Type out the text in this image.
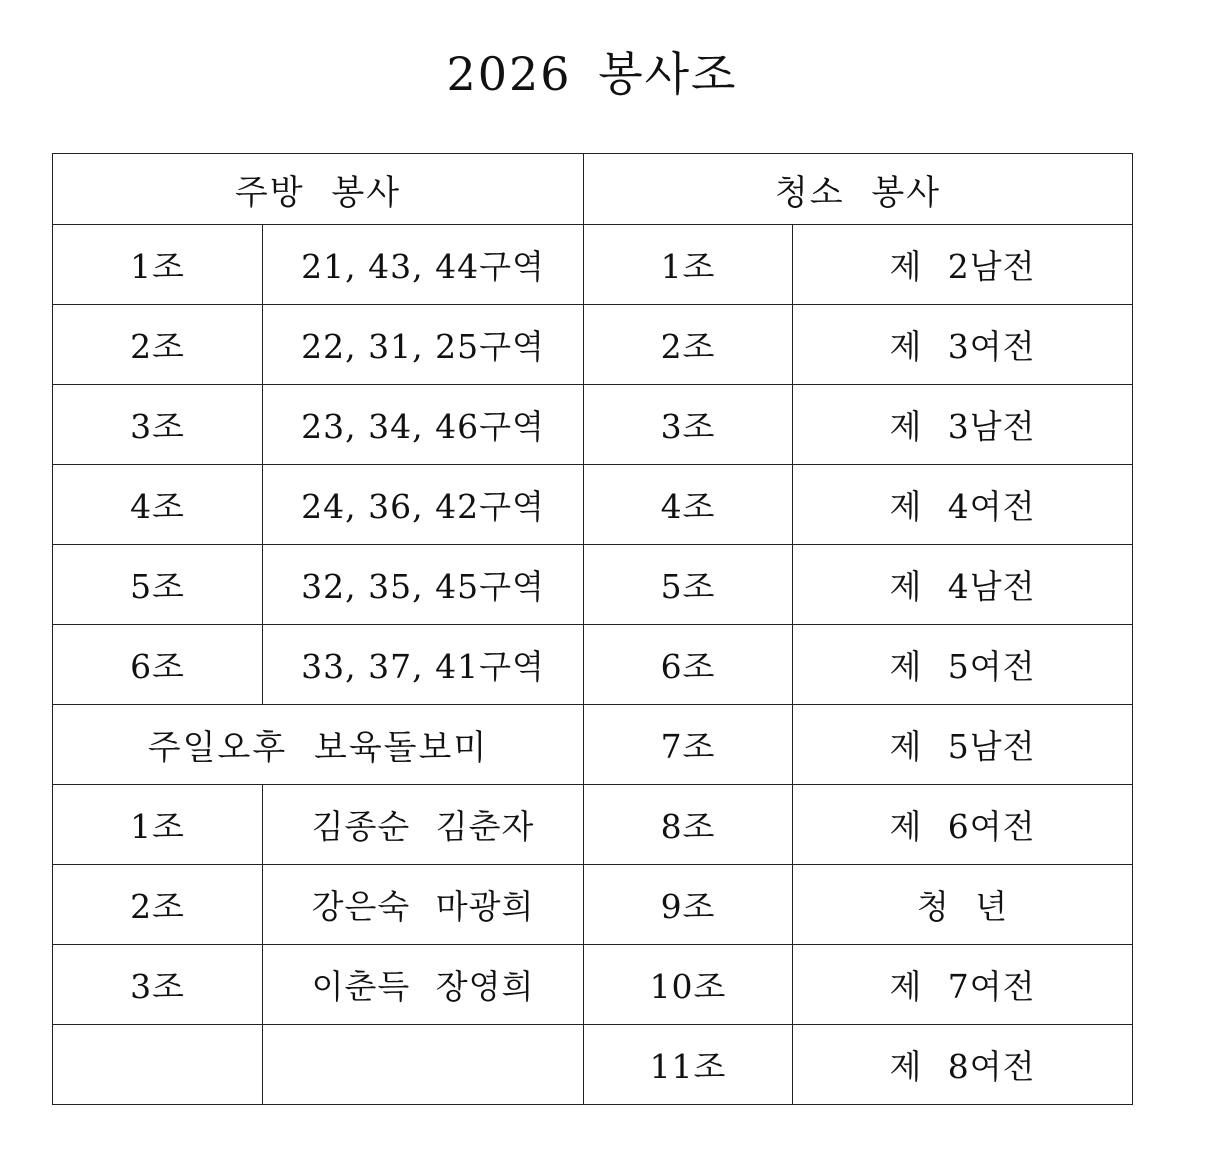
2026 봉사조
주방 봉사		청소 봉사	
1조	21, 43, 44구역	1조	제 2남전
2조	22, 31, 25구역	2조	제 3여전
3조	23, 34, 46구역	3조	제 3남전
4조	24, 36, 42구역	4조	제 4여전
5조	32, 35, 45구역	5조	제 4남전
6조	33, 37, 41구역	6조	제 5여전
주일오후 보육돌보미		7조	제 5남전
1조	김종순 김춘자	8조	제 6여전
2조	강은숙 마광희	9조	청 년
3조	이춘득 장영희	10조	제 7여전
		11조	제 8여전
